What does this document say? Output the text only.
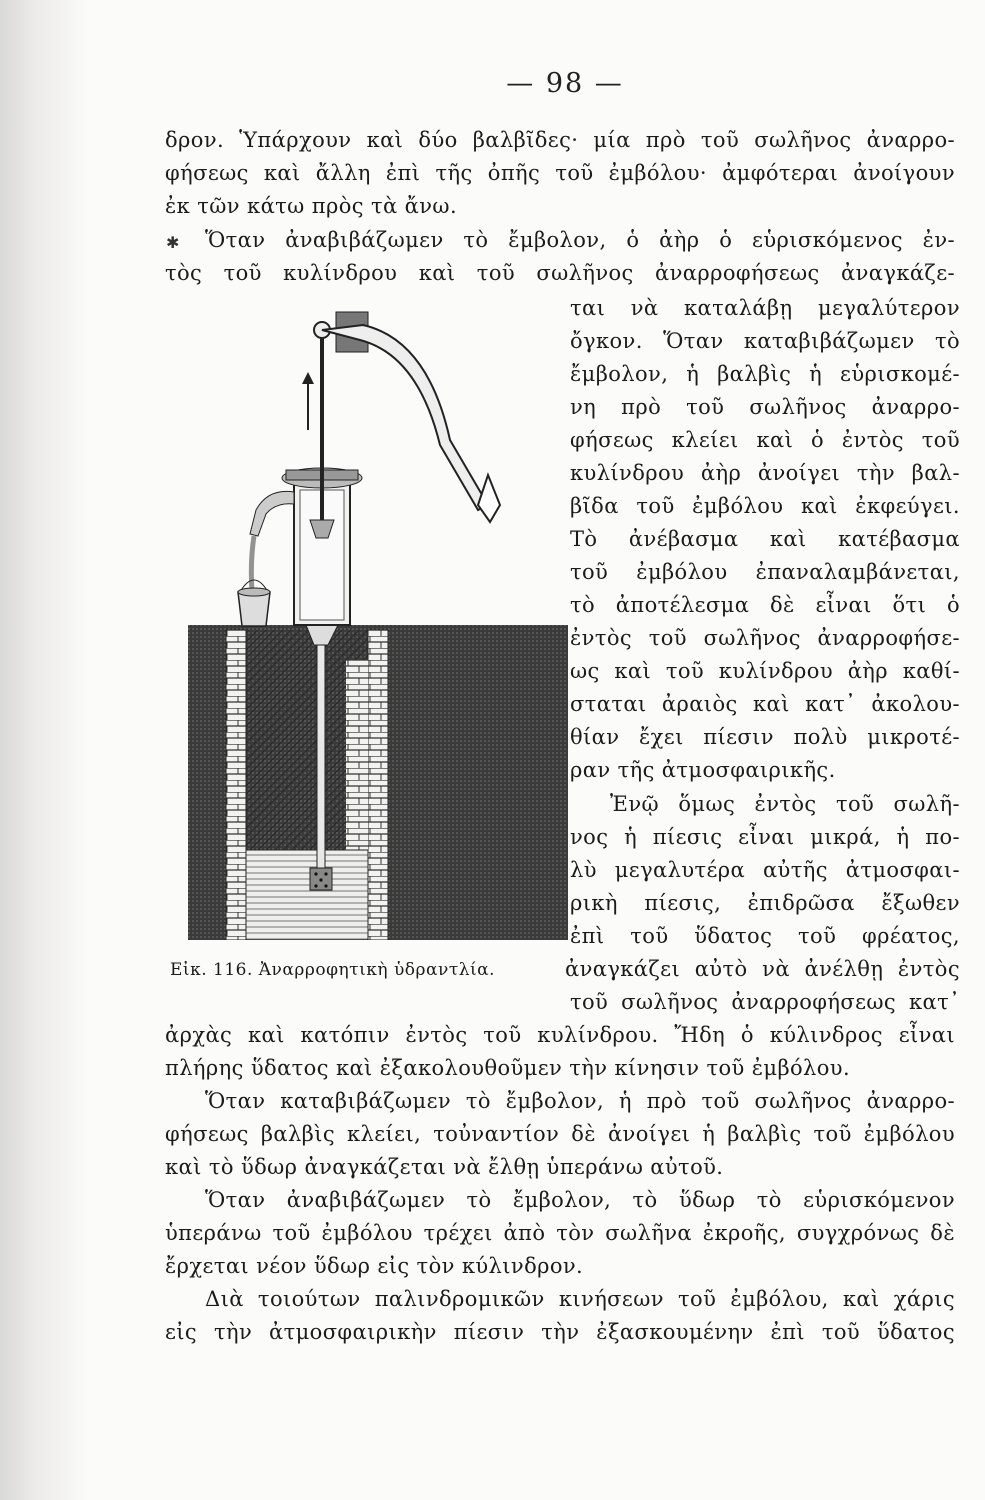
— 98 —
δρον. Ὑπάρχουν καὶ δύο βαλβῖδες· μία πρὸ τοῦ σωλῆνος ἀναρρο-
φήσεως καὶ ἄλλη ἐπὶ τῆς ὀπῆς τοῦ ἐμβόλου· ἀμφότεραι ἀνοίγουν
ἐκ τῶν κάτω πρὸς τὰ ἄνω.
✱ Ὅταν ἀναβιβάζωμεν τὸ ἔμβολον, ὁ ἀὴρ ὁ εὑρισκόμενος ἐν-
τὸς τοῦ κυλίνδρου καὶ τοῦ σωλῆνος ἀναρροφήσεως ἀναγκάζε-
ται νὰ καταλάβῃ μεγαλύτερον
ὄγκον. Ὅταν καταβιβάζωμεν τὸ
ἔμβολον, ἡ βαλβὶς ἡ εὑρισκομέ-
νη πρὸ τοῦ σωλῆνος ἀναρρο-
φήσεως κλείει καὶ ὁ ἐντὸς τοῦ
κυλίνδρου ἀὴρ ἀνοίγει τὴν βαλ-
βῖδα τοῦ ἐμβόλου καὶ ἐκφεύγει.
Τὸ ἀνέβασμα καὶ κατέβασμα
τοῦ ἐμβόλου ἐπαναλαμβάνεται,
τὸ ἀποτέλεσμα δὲ εἶναι ὅτι ὁ
ἐντὸς τοῦ σωλῆνος ἀναρροφήσε-
ως καὶ τοῦ κυλίνδρου ἀὴρ καθί-
σταται ἀραιὸς καὶ κατ᾽ ἀκολου-
θίαν ἔχει πίεσιν πολὺ μικροτέ-
ραν τῆς ἀτμοσφαιρικῆς.
Ἐνῷ ὅμως ἐντὸς τοῦ σωλῆ-
νος ἡ πίεσις εἶναι μικρά, ἡ πο-
λὺ μεγαλυτέρα αὐτῆς ἀτμοσφαι-
ρικὴ πίεσις, ἐπιδρῶσα ἔξωθεν
ἐπὶ τοῦ ὕδατος τοῦ φρέατος,
ἀναγκάζει αὐτὸ νὰ ἀνέλθῃ ἐντὸς
τοῦ σωλῆνος ἀναρροφήσεως κατ᾽
Εἰκ. 116. Ἀναρροφητικὴ ὑδραντλία.
ἀρχὰς καὶ κατόπιν ἐντὸς τοῦ κυλίνδρου. Ἤδη ὁ κύλινδρος εἶναι
πλήρης ὕδατος καὶ ἐξακολουθοῦμεν τὴν κίνησιν τοῦ ἐμβόλου.
Ὅταν καταβιβάζωμεν τὸ ἔμβολον, ἡ πρὸ τοῦ σωλῆνος ἀναρρο-
φήσεως βαλβὶς κλείει, τοὐναντίον δὲ ἀνοίγει ἡ βαλβὶς τοῦ ἐμβόλου
καὶ τὸ ὕδωρ ἀναγκάζεται νὰ ἔλθῃ ὑπεράνω αὐτοῦ.
Ὅταν ἀναβιβάζωμεν τὸ ἔμβολον, τὸ ὕδωρ τὸ εὑρισκόμενον
ὑπεράνω τοῦ ἐμβόλου τρέχει ἀπὸ τὸν σωλῆνα ἐκροῆς, συγχρόνως δὲ
ἔρχεται νέον ὕδωρ εἰς τὸν κύλινδρον.
Διὰ τοιούτων παλινδρομικῶν κινήσεων τοῦ ἐμβόλου, καὶ χάρις
εἰς τὴν ἀτμοσφαιρικὴν πίεσιν τὴν ἐξασκουμένην ἐπὶ τοῦ ὕδατος
